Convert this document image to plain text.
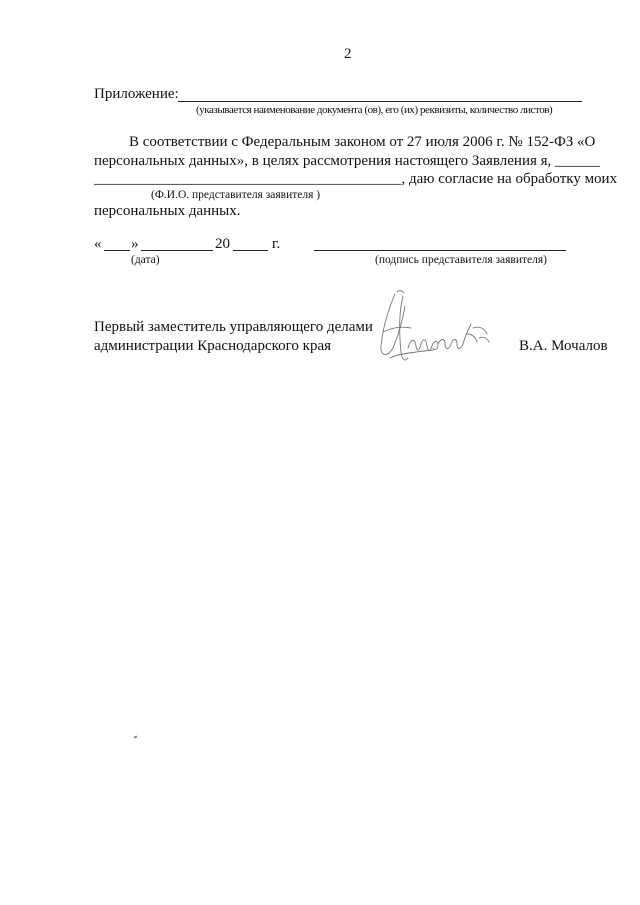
2
Приложение:
(указывается наименование документа (ов), его (их) реквизиты, количество листов)
В соответствии с Федеральным законом от 27 июля 2006 г. № 152-ФЗ «О
персональных данных», в целях рассмотрения настоящего Заявления я, ______
_________________________________________, даю согласие на обработку моих
(Ф.И.О. представителя заявителя )
персональных данных.
« »	20	г.
(дата)	(подпись представителя заявителя)
Первый заместитель управляющего делами
администрации Краснодарского края	В.А. Мочалов
